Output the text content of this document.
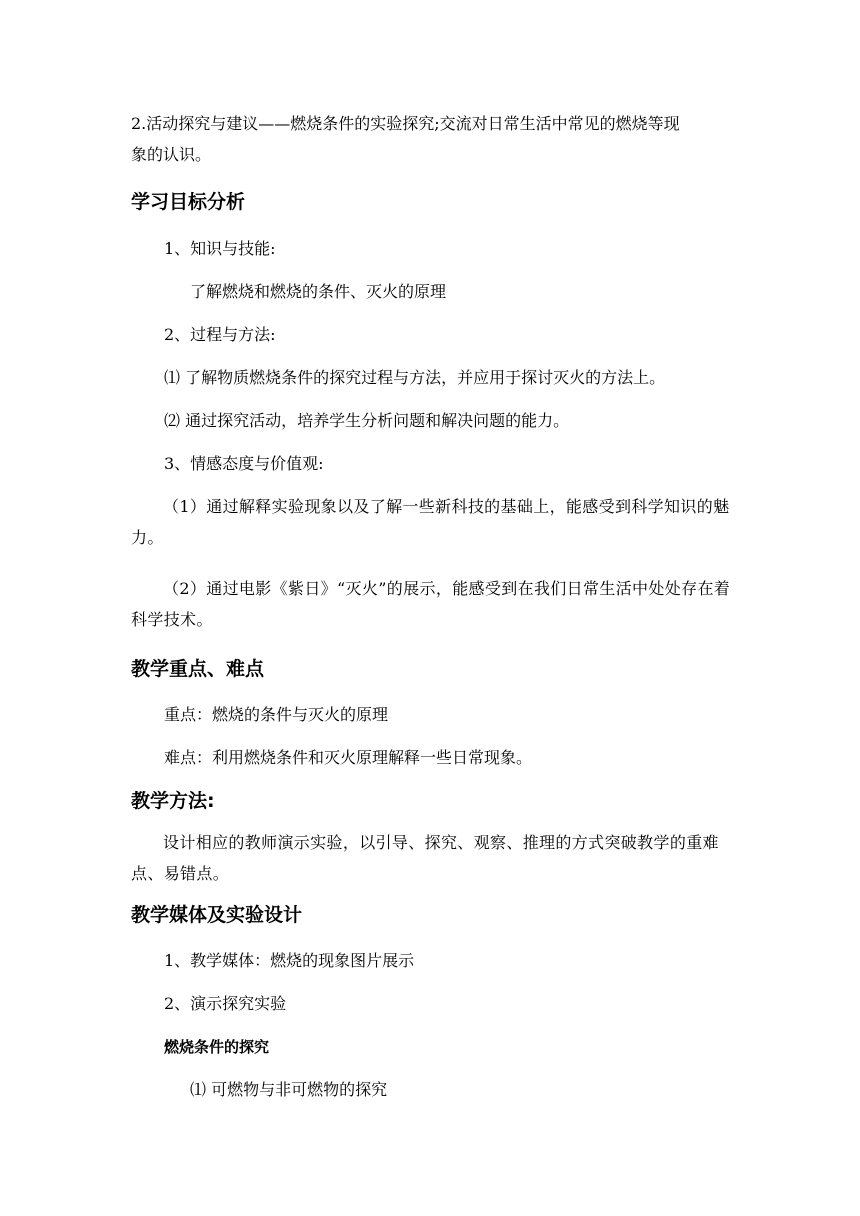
2.活动探究与建议——燃烧条件的实验探究;交流对日常生活中常见的燃烧等现
象的认识。
学习目标分析
1、知识与技能:
了解燃烧和燃烧的条件、灭火的原理
2、过程与方法:
⑴ 了解物质燃烧条件的探究过程与方法，并应用于探讨灭火的方法上。
⑵ 通过探究活动，培养学生分析问题和解决问题的能力。
3、情感态度与价值观:
（1）通过解释实验现象以及了解一些新科技的基础上，能感受到科学知识的魅力。
（2）通过电影《紫日》“灭火”的展示，能感受到在我们日常生活中处处存在着科学技术。
教学重点、难点
重点：燃烧的条件与灭火的原理
难点：利用燃烧条件和灭火原理解释一些日常现象。
教学方法:
设计相应的教师演示实验，以引导、探究、观察、推理的方式突破教学的重难点、易错点。
教学媒体及实验设计
1、教学媒体：燃烧的现象图片展示
2、演示探究实验
燃烧条件的探究
⑴ 可燃物与非可燃物的探究
